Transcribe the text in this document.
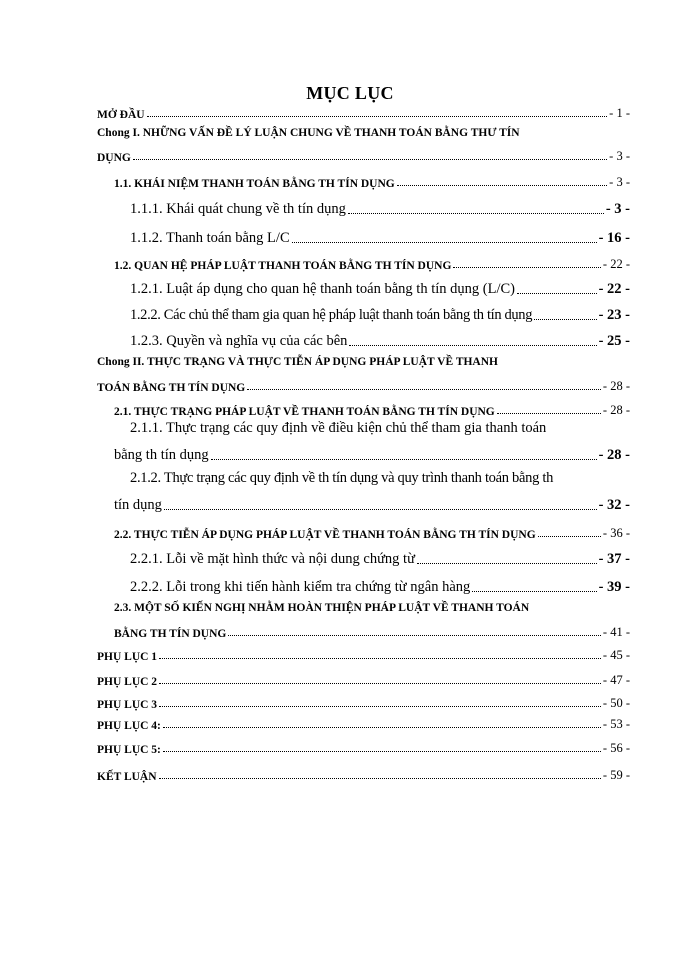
MỤC LỤC
MỞ ĐẦU	- 1 -
Chong I. NHỮNG VẤN ĐỀ LÝ LUẬN CHUNG VỀ THANH TOÁN BẰNG THƯ TÍN
DỤNG	- 3 -
1.1. KHÁI NIỆM THANH TOÁN BẰNG TH TÍN DỤNG	- 3 -
1.1.1. Khái quát chung về th tín dụng	- 3 -
1.1.2. Thanh toán bằng L/C	- 16 -
1.2. QUAN HỆ PHÁP LUẬT THANH TOÁN BẰNG TH TÍN DỤNG	- 22 -
1.2.1. Luật áp dụng cho quan hệ thanh toán bằng th tín dụng (L/C)	- 22 -
1.2.2. Các chủ thể tham gia quan hệ pháp luật thanh toán bằng th tín dụng	- 23 -
1.2.3. Quyền và nghĩa vụ của các bên	- 25 -
Chong II. THỰC TRẠNG VÀ THỰC TIỄN ÁP DỤNG PHÁP LUẬT VỀ THANH
TOÁN BẰNG TH TÍN DỤNG	- 28 -
2.1. THỰC TRẠNG PHÁP LUẬT VỀ THANH TOÁN BẰNG TH TÍN DỤNG	- 28 -
2.1.1. Thực trạng các quy định về điều kiện chủ thể tham gia thanh toán
bằng th tín dụng	- 28 -
2.1.2. Thực trạng các quy định về th tín dụng và quy trình thanh toán bằng th
tín dụng	- 32 -
2.2. THỰC TIỄN ÁP DỤNG PHÁP LUẬT VỀ THANH TOÁN BẰNG TH TÍN DỤNG	- 36 -
2.2.1. Lỗi về mặt hình thức và nội dung chứng từ	- 37 -
2.2.2. Lỗi trong khi tiến hành kiểm tra chứng từ ngân hàng	- 39 -
2.3. MỘT SỐ KIẾN NGHỊ NHẰM HOÀN THIỆN PHÁP LUẬT VỀ THANH TOÁN
BẰNG TH TÍN DỤNG	- 41 -
PHỤ LỤC 1	- 45 -
PHỤ LỤC 2	- 47 -
PHỤ LỤC 3	- 50 -
PHỤ LỤC 4:	- 53 -
PHỤ LỤC 5:	- 56 -
KẾT LUẬN	- 59 -
